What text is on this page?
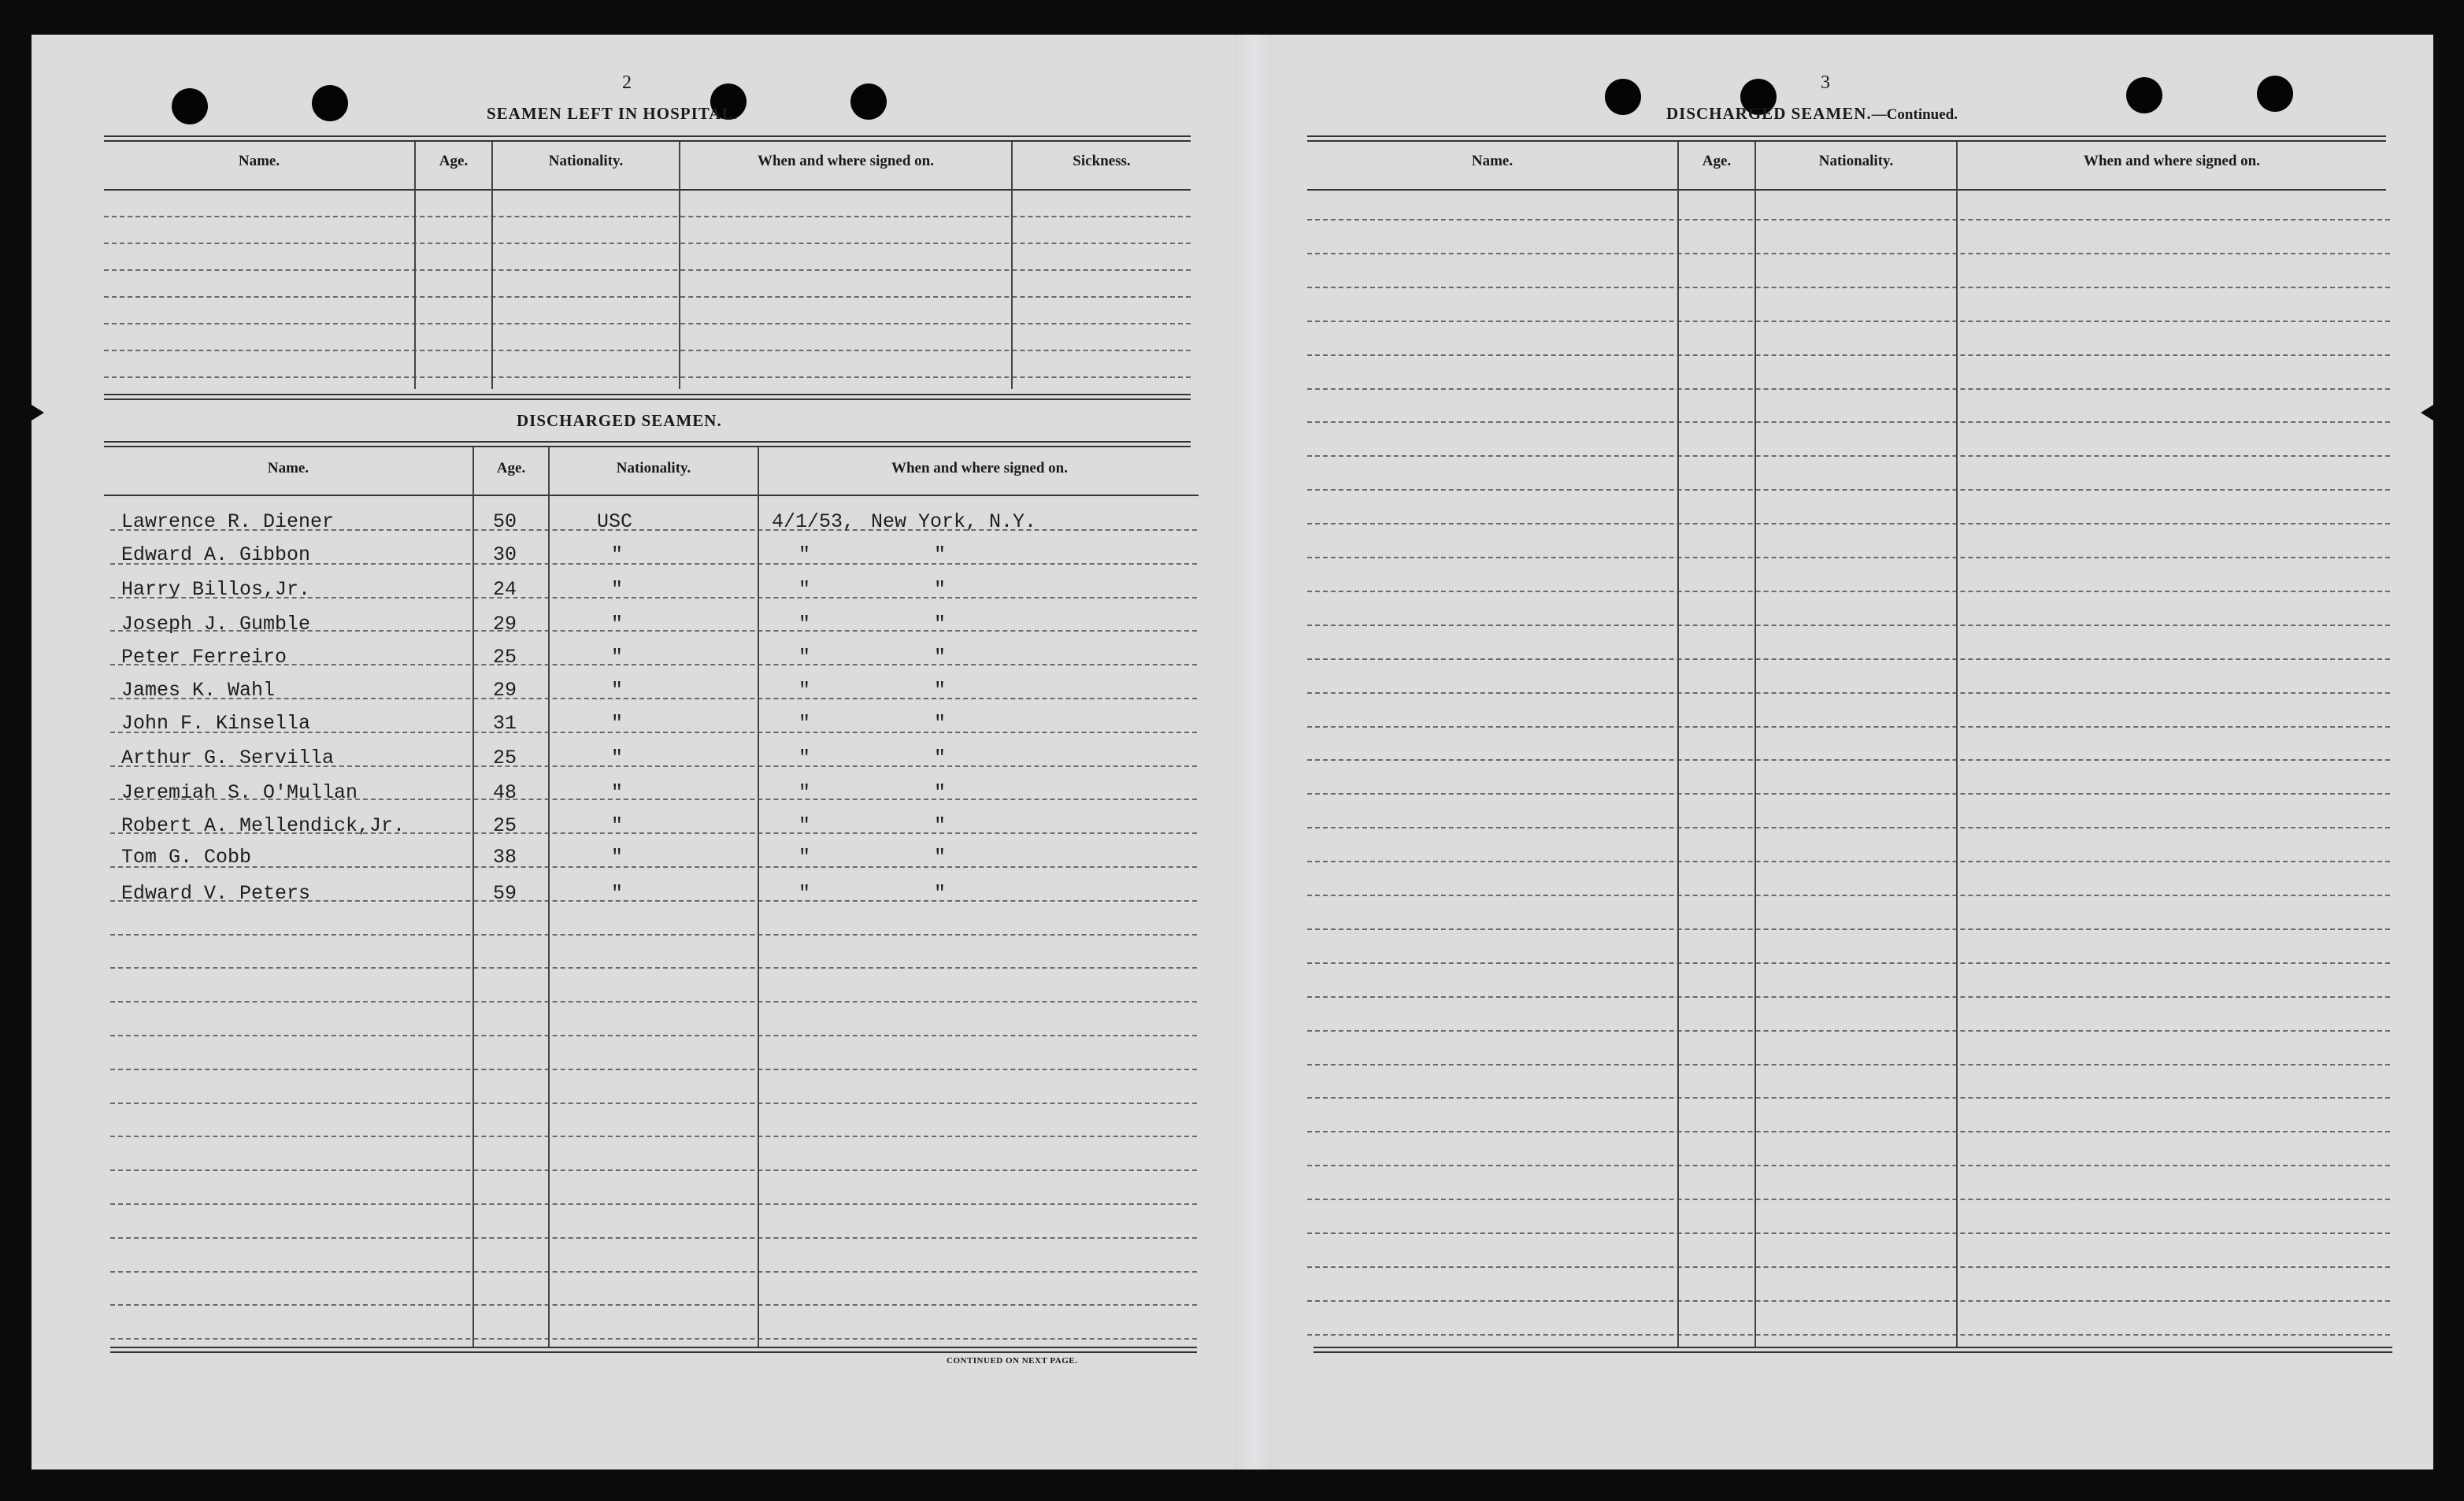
2
SEAMEN LEFT IN HOSPITAL.
Name.	Age.	Nationality.	When and where signed on.	Sickness.
DISCHARGED SEAMEN.
Name.	Age.	Nationality.	When and where signed on.
Lawrence R. Diener	50	USC	4/1/53, New York, N.Y.
Edward A. Gibbon	30	"	"	"
Harry Billos,Jr.	24	"	"	"
Joseph J. Gumble	29	"	"	"
Peter Ferreiro	25	"	"	"
James K. Wahl	29	"	"	"
John F. Kinsella	31	"	"	"
Arthur G. Servilla	25	"	"	"
Jeremiah S. O'Mullan	48	"	"	"
Robert A. Mellendick,Jr.	25	"	"	"
Tom G. Cobb	38	"	"	"
Edward V. Peters	59	"	"	"
CONTINUED ON NEXT PAGE.
3
DISCHARGED SEAMEN.—Continued.
Name.	Age.	Nationality.	When and where signed on.
